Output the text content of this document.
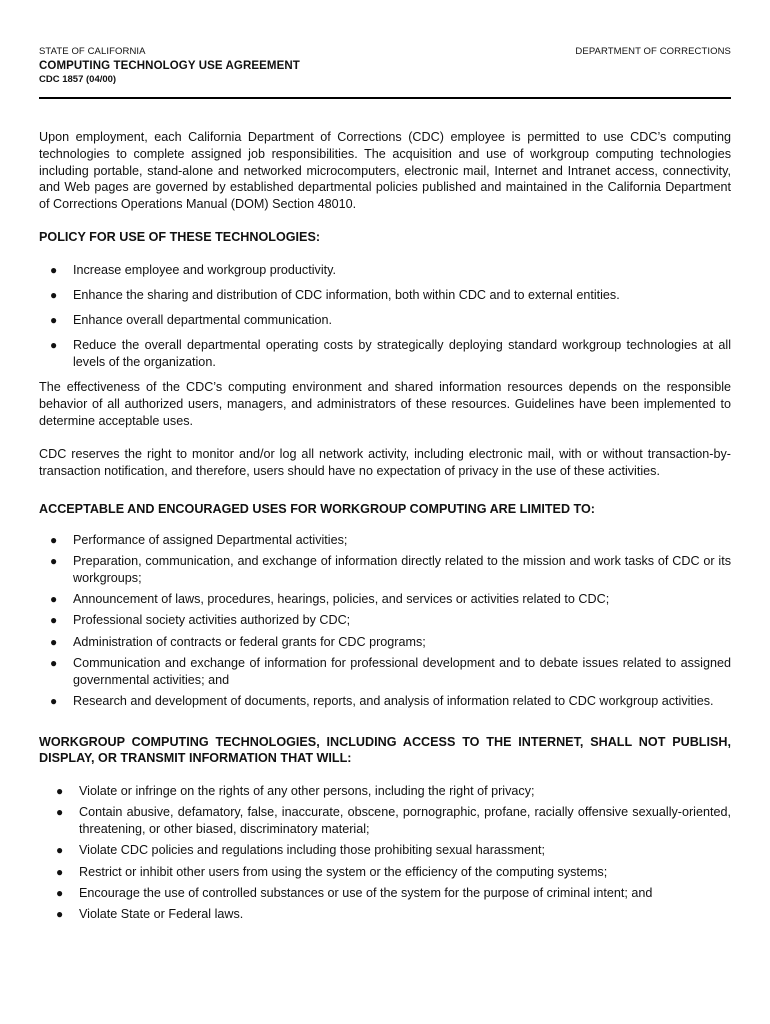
STATE OF CALIFORNIA	DEPARTMENT OF CORRECTIONS
COMPUTING TECHNOLOGY USE AGREEMENT
CDC 1857 (04/00)

Upon employment, each California Department of Corrections (CDC) employee is permitted to use CDC’s computing technologies to complete assigned job responsibilities. The acquisition and use of workgroup computing technologies including portable, stand-alone and networked microcomputers, electronic mail, Internet and Intranet access, connectivity, and Web pages are governed by established departmental policies published and maintained in the California Department of Corrections Operations Manual (DOM) Section 48010.

POLICY FOR USE OF THESE TECHNOLOGIES:

● Increase employee and workgroup productivity.
● Enhance the sharing and distribution of CDC information, both within CDC and to external entities.
● Enhance overall departmental communication.
● Reduce the overall departmental operating costs by strategically deploying standard workgroup technologies at all levels of the organization.

The effectiveness of the CDC’s computing environment and shared information resources depends on the responsible behavior of all authorized users, managers, and administrators of these resources. Guidelines have been implemented to determine acceptable uses.

CDC reserves the right to monitor and/or log all network activity, including electronic mail, with or without transaction-by-transaction notification, and therefore, users should have no expectation of privacy in the use of these activities.

ACCEPTABLE AND ENCOURAGED USES FOR WORKGROUP COMPUTING ARE LIMITED TO:

● Performance of assigned Departmental activities;
● Preparation, communication, and exchange of information directly related to the mission and work tasks of CDC or its workgroups;
● Announcement of laws, procedures, hearings, policies, and services or activities related to CDC;
● Professional society activities authorized by CDC;
● Administration of contracts or federal grants for CDC programs;
● Communication and exchange of information for professional development and to debate issues related to assigned governmental activities; and
● Research and development of documents, reports, and analysis of information related to CDC workgroup activities.

WORKGROUP COMPUTING TECHNOLOGIES, INCLUDING ACCESS TO THE INTERNET, SHALL NOT PUBLISH, DISPLAY, OR TRANSMIT INFORMATION THAT WILL:

● Violate or infringe on the rights of any other persons, including the right of privacy;
● Contain abusive, defamatory, false, inaccurate, obscene, pornographic, profane, racially offensive sexually-oriented, threatening, or other biased, discriminatory material;
● Violate CDC policies and regulations including those prohibiting sexual harassment;
● Restrict or inhibit other users from using the system or the efficiency of the computing systems;
● Encourage the use of controlled substances or use of the system for the purpose of criminal intent; and
● Violate State or Federal laws.
